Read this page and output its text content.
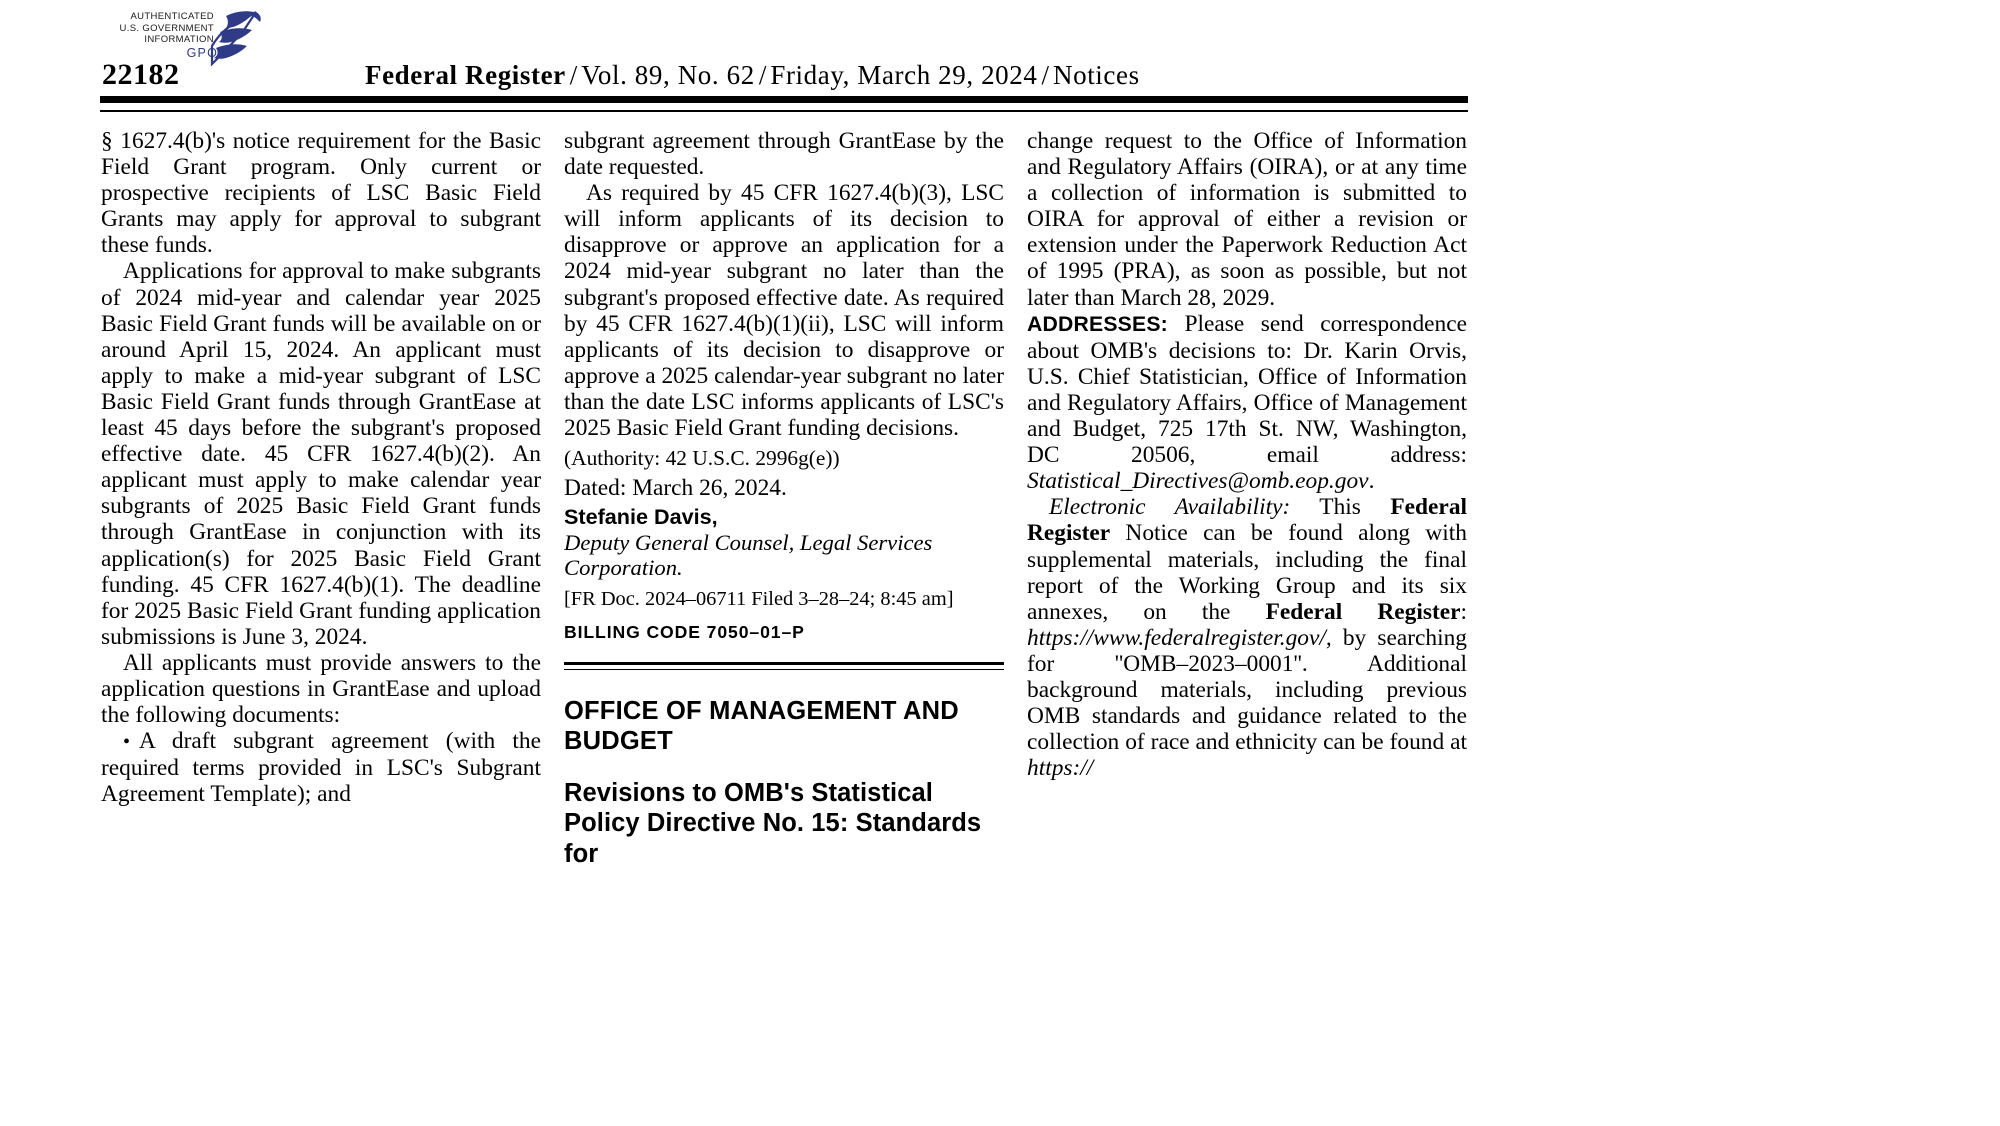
AUTHENTICATED
U.S. GOVERNMENT
INFORMATION
GPO
22182	Federal Register / Vol. 89, No. 62 / Friday, March 29, 2024 / Notices

§ 1627.4(b)'s notice requirement for the Basic Field Grant program. Only current or prospective recipients of LSC Basic Field Grants may apply for approval to subgrant these funds.

Applications for approval to make subgrants of 2024 mid-year and calendar year 2025 Basic Field Grant funds will be available on or around April 15, 2024. An applicant must apply to make a mid-year subgrant of LSC Basic Field Grant funds through GrantEase at least 45 days before the subgrant's proposed effective date. 45 CFR 1627.4(b)(2). An applicant must apply to make calendar year subgrants of 2025 Basic Field Grant funds through GrantEase in conjunction with its application(s) for 2025 Basic Field Grant funding. 45 CFR 1627.4(b)(1). The deadline for 2025 Basic Field Grant funding application submissions is June 3, 2024.

All applicants must provide answers to the application questions in GrantEase and upload the following documents:

• A draft subgrant agreement (with the required terms provided in LSC's Subgrant Agreement Template); and

subgrant agreement through GrantEase by the date requested.

As required by 45 CFR 1627.4(b)(3), LSC will inform applicants of its decision to disapprove or approve an application for a 2024 mid-year subgrant no later than the subgrant's proposed effective date. As required by 45 CFR 1627.4(b)(1)(ii), LSC will inform applicants of its decision to disapprove or approve a 2025 calendar-year subgrant no later than the date LSC informs applicants of LSC's 2025 Basic Field Grant funding decisions.

(Authority: 42 U.S.C. 2996g(e))

Dated: March 26, 2024.

Stefanie Davis,

Deputy General Counsel, Legal Services Corporation.

[FR Doc. 2024–06711 Filed 3–28–24; 8:45 am]

BILLING CODE 7050–01–P

OFFICE OF MANAGEMENT AND BUDGET

Revisions to OMB's Statistical Policy Directive No. 15: Standards for

change request to the Office of Information and Regulatory Affairs (OIRA), or at any time a collection of information is submitted to OIRA for approval of either a revision or extension under the Paperwork Reduction Act of 1995 (PRA), as soon as possible, but not later than March 28, 2029.

ADDRESSES: Please send correspondence about OMB's decisions to: Dr. Karin Orvis, U.S. Chief Statistician, Office of Information and Regulatory Affairs, Office of Management and Budget, 725 17th St. NW, Washington, DC 20506, email address: Statistical_Directives@omb.eop.gov.

Electronic Availability: This Federal Register Notice can be found along with supplemental materials, including the final report of the Working Group and its six annexes, on the Federal Register: https://www.federalregister.gov/, by searching for ''OMB–2023–0001''. Additional background materials, including previous OMB standards and guidance related to the collection of race and ethnicity can be found at https://
